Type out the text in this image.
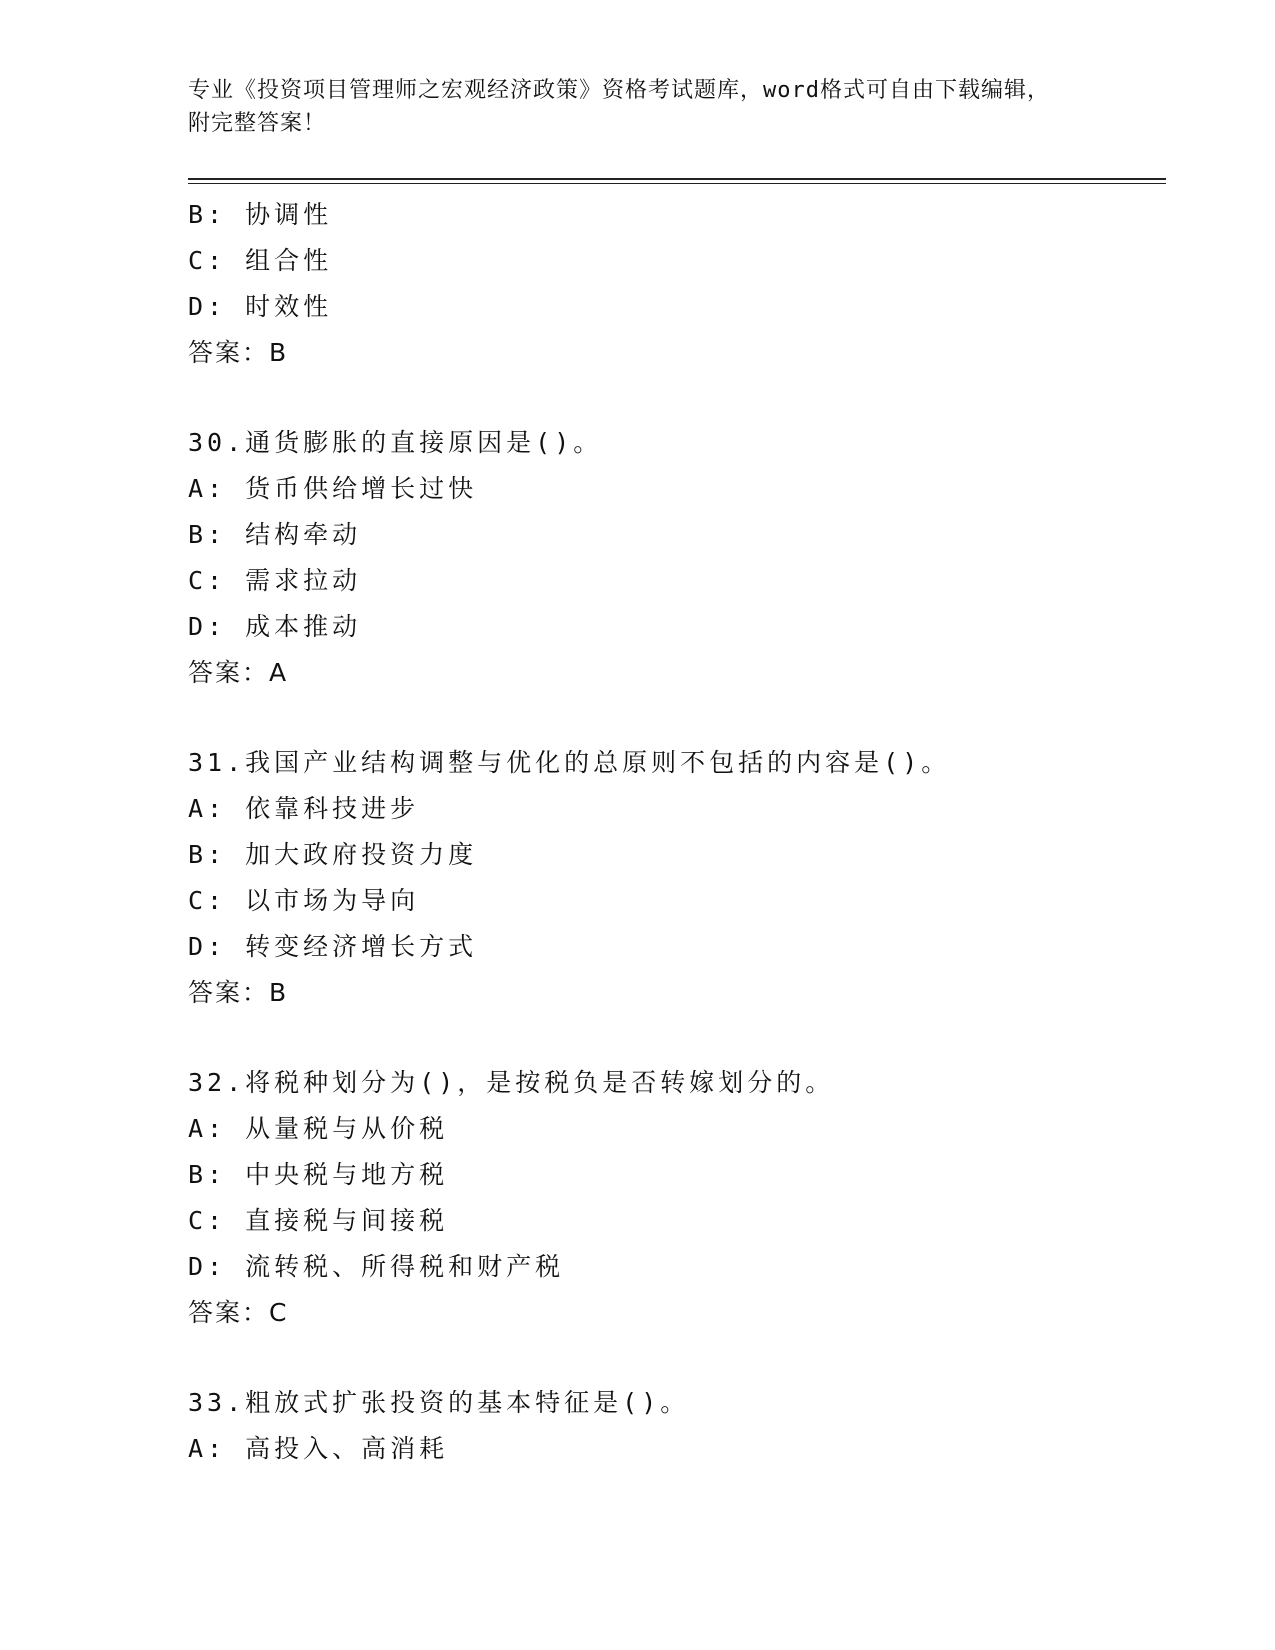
专业《投资项目管理师之宏观经济政策》资格考试题库，word格式可自由下载编辑，附完整答案！
B: 协调性
C: 组合性
D: 时效性
答案：B
30.通货膨胀的直接原因是()。
A: 货币供给增长过快
B: 结构牵动
C: 需求拉动
D: 成本推动
答案：A
31.我国产业结构调整与优化的总原则不包括的内容是()。
A: 依靠科技进步
B: 加大政府投资力度
C: 以市场为导向
D: 转变经济增长方式
答案：B
32.将税种划分为()，是按税负是否转嫁划分的。
A: 从量税与从价税
B: 中央税与地方税
C: 直接税与间接税
D: 流转税、所得税和财产税
答案：C
33.粗放式扩张投资的基本特征是()。
A: 高投入、高消耗
